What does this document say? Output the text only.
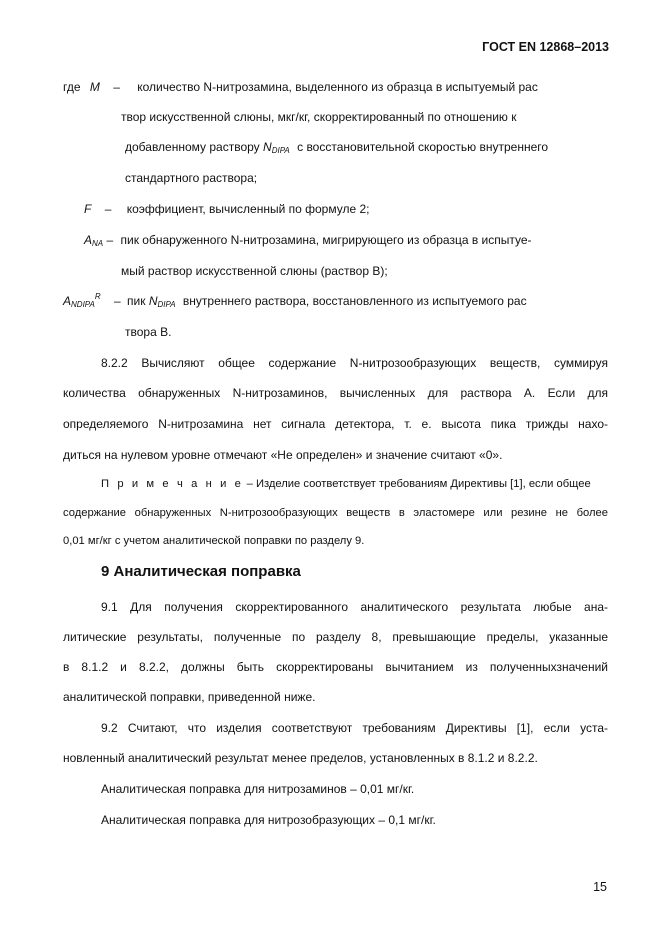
ГОСТ EN 12868–2013
где M – количество N-нитрозамина, выделенного из образца в испытуемый рас
твор искусственной слюны, мкг/кг, скорректированный по отношению к
добавленному раствору $N_{DIPA}$ с восстановительной скоростью внутреннего
стандартного раствора;
F – коэффициент, вычисленный по формуле 2;
$A_{NA}$ – пик обнаруженного N-нитрозамина, мигрирующего из образца в испытуе-
мый раствор искусственной слюны (раствор В);
$A_{NDIPA}^R$ – пик $N_{DIPA}$ внутреннего раствора, восстановленного из испытуемого рас
твора В.
8.2.2 Вычисляют общее содержание N-нитрозообразующих веществ, суммируя
количества обнаруженных N-нитрозаминов, вычисленных для раствора А. Если для
определяемого N-нитрозамина нет сигнала детектора, т. е. высота пика трижды нахо-
диться на нулевом уровне отмечают «Не определен» и значение считают «0».
П р и м е ч а н и е – Изделие соответствует требованиям Директивы [1], если общее
содержание обнаруженных N-нитрозообразующих веществ в эластомере или резине не более
0,01 мг/кг с учетом аналитической поправки по разделу 9.
9 Аналитическая поправка
9.1 Для получения скорректированного аналитического результата любые ана-
литические результаты, полученные по разделу 8, превышающие пределы, указанные
в 8.1.2 и 8.2.2, должны быть скорректированы вычитанием из полученныхзначений
аналитической поправки, приведенной ниже.
9.2 Считают, что изделия соответствуют требованиям Директивы [1], если уста-
новленный аналитический результат менее пределов, установленных в 8.1.2 и 8.2.2.
Аналитическая поправка для нитрозаминов – 0,01 мг/кг.
Аналитическая поправка для нитрозобразующих – 0,1 мг/кг.
15
